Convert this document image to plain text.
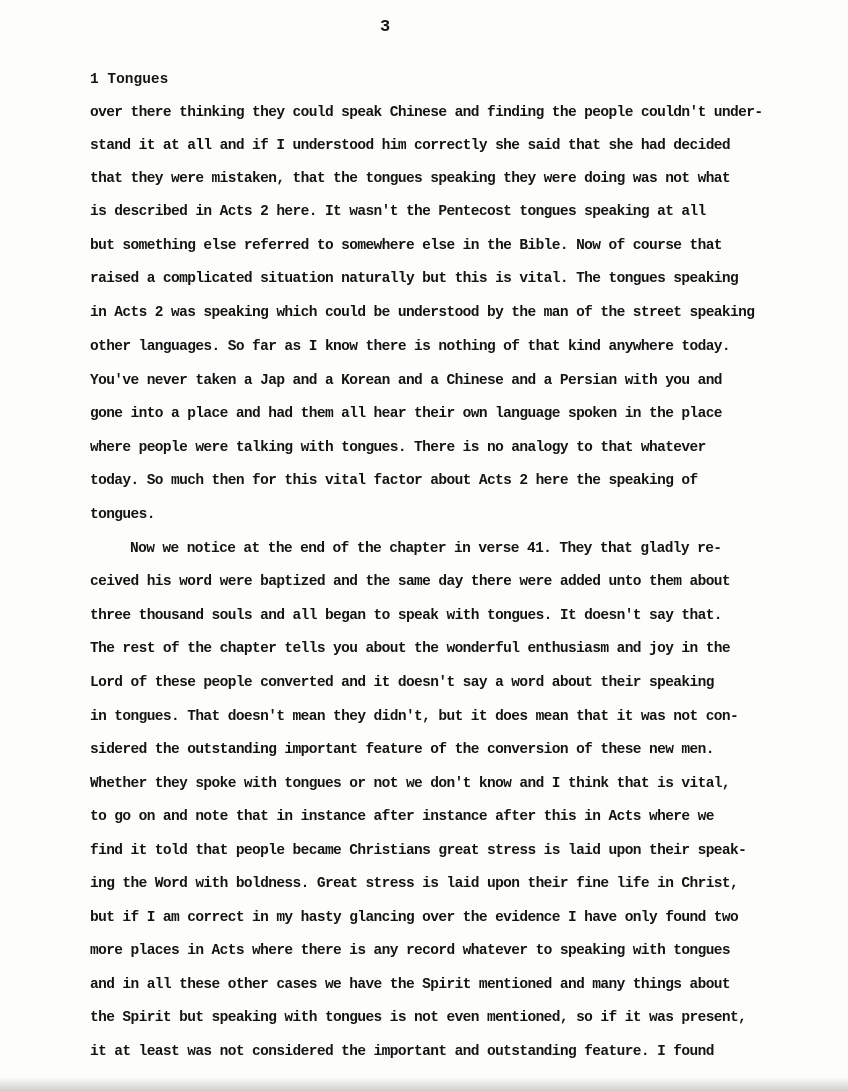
3
1 Tongues
over there thinking they could speak Chinese and finding the people couldn't under-
stand it at all and if I understood him correctly she said that she had decided
that they were mistaken, that the tongues speaking they were doing was not what
is described in Acts 2 here. It wasn't the Pentecost tongues speaking at all
but something else referred to somewhere else in the Bible. Now of course that
raised a complicated situation naturally but this is vital. The tongues speaking
in Acts 2 was speaking which could be understood by the man of the street speaking
other languages. So far as I know there is nothing of that kind anywhere today.
You've never taken a Jap and a Korean and a Chinese and a Persian with you and
gone into a place and had them all hear their own language spoken in the place
where people were talking with tongues. There is no analogy to that whatever
today. So much then for this vital factor about Acts 2 here the speaking of
tongues.
Now we notice at the end of the chapter in verse 41. They that gladly re-
ceived his word were baptized and the same day there were added unto them about
three thousand souls and all began to speak with tongues. It doesn't say that.
The rest of the chapter tells you about the wonderful enthusiasm and joy in the
Lord of these people converted and it doesn't say a word about their speaking
in tongues. That doesn't mean they didn't, but it does mean that it was not con-
sidered the outstanding important feature of the conversion of these new men.
Whether they spoke with tongues or not we don't know and I think that is vital,
to go on and note that in instance after instance after this in Acts where we
find it told that people became Christians great stress is laid upon their speak-
ing the Word with boldness. Great stress is laid upon their fine life in Christ,
but if I am correct in my hasty glancing over the evidence I have only found two
more places in Acts where there is any record whatever to speaking with tongues
and in all these other cases we have the Spirit mentioned and many things about
the Spirit but speaking with tongues is not even mentioned, so if it was present,
it at least was not considered the important and outstanding feature. I found
